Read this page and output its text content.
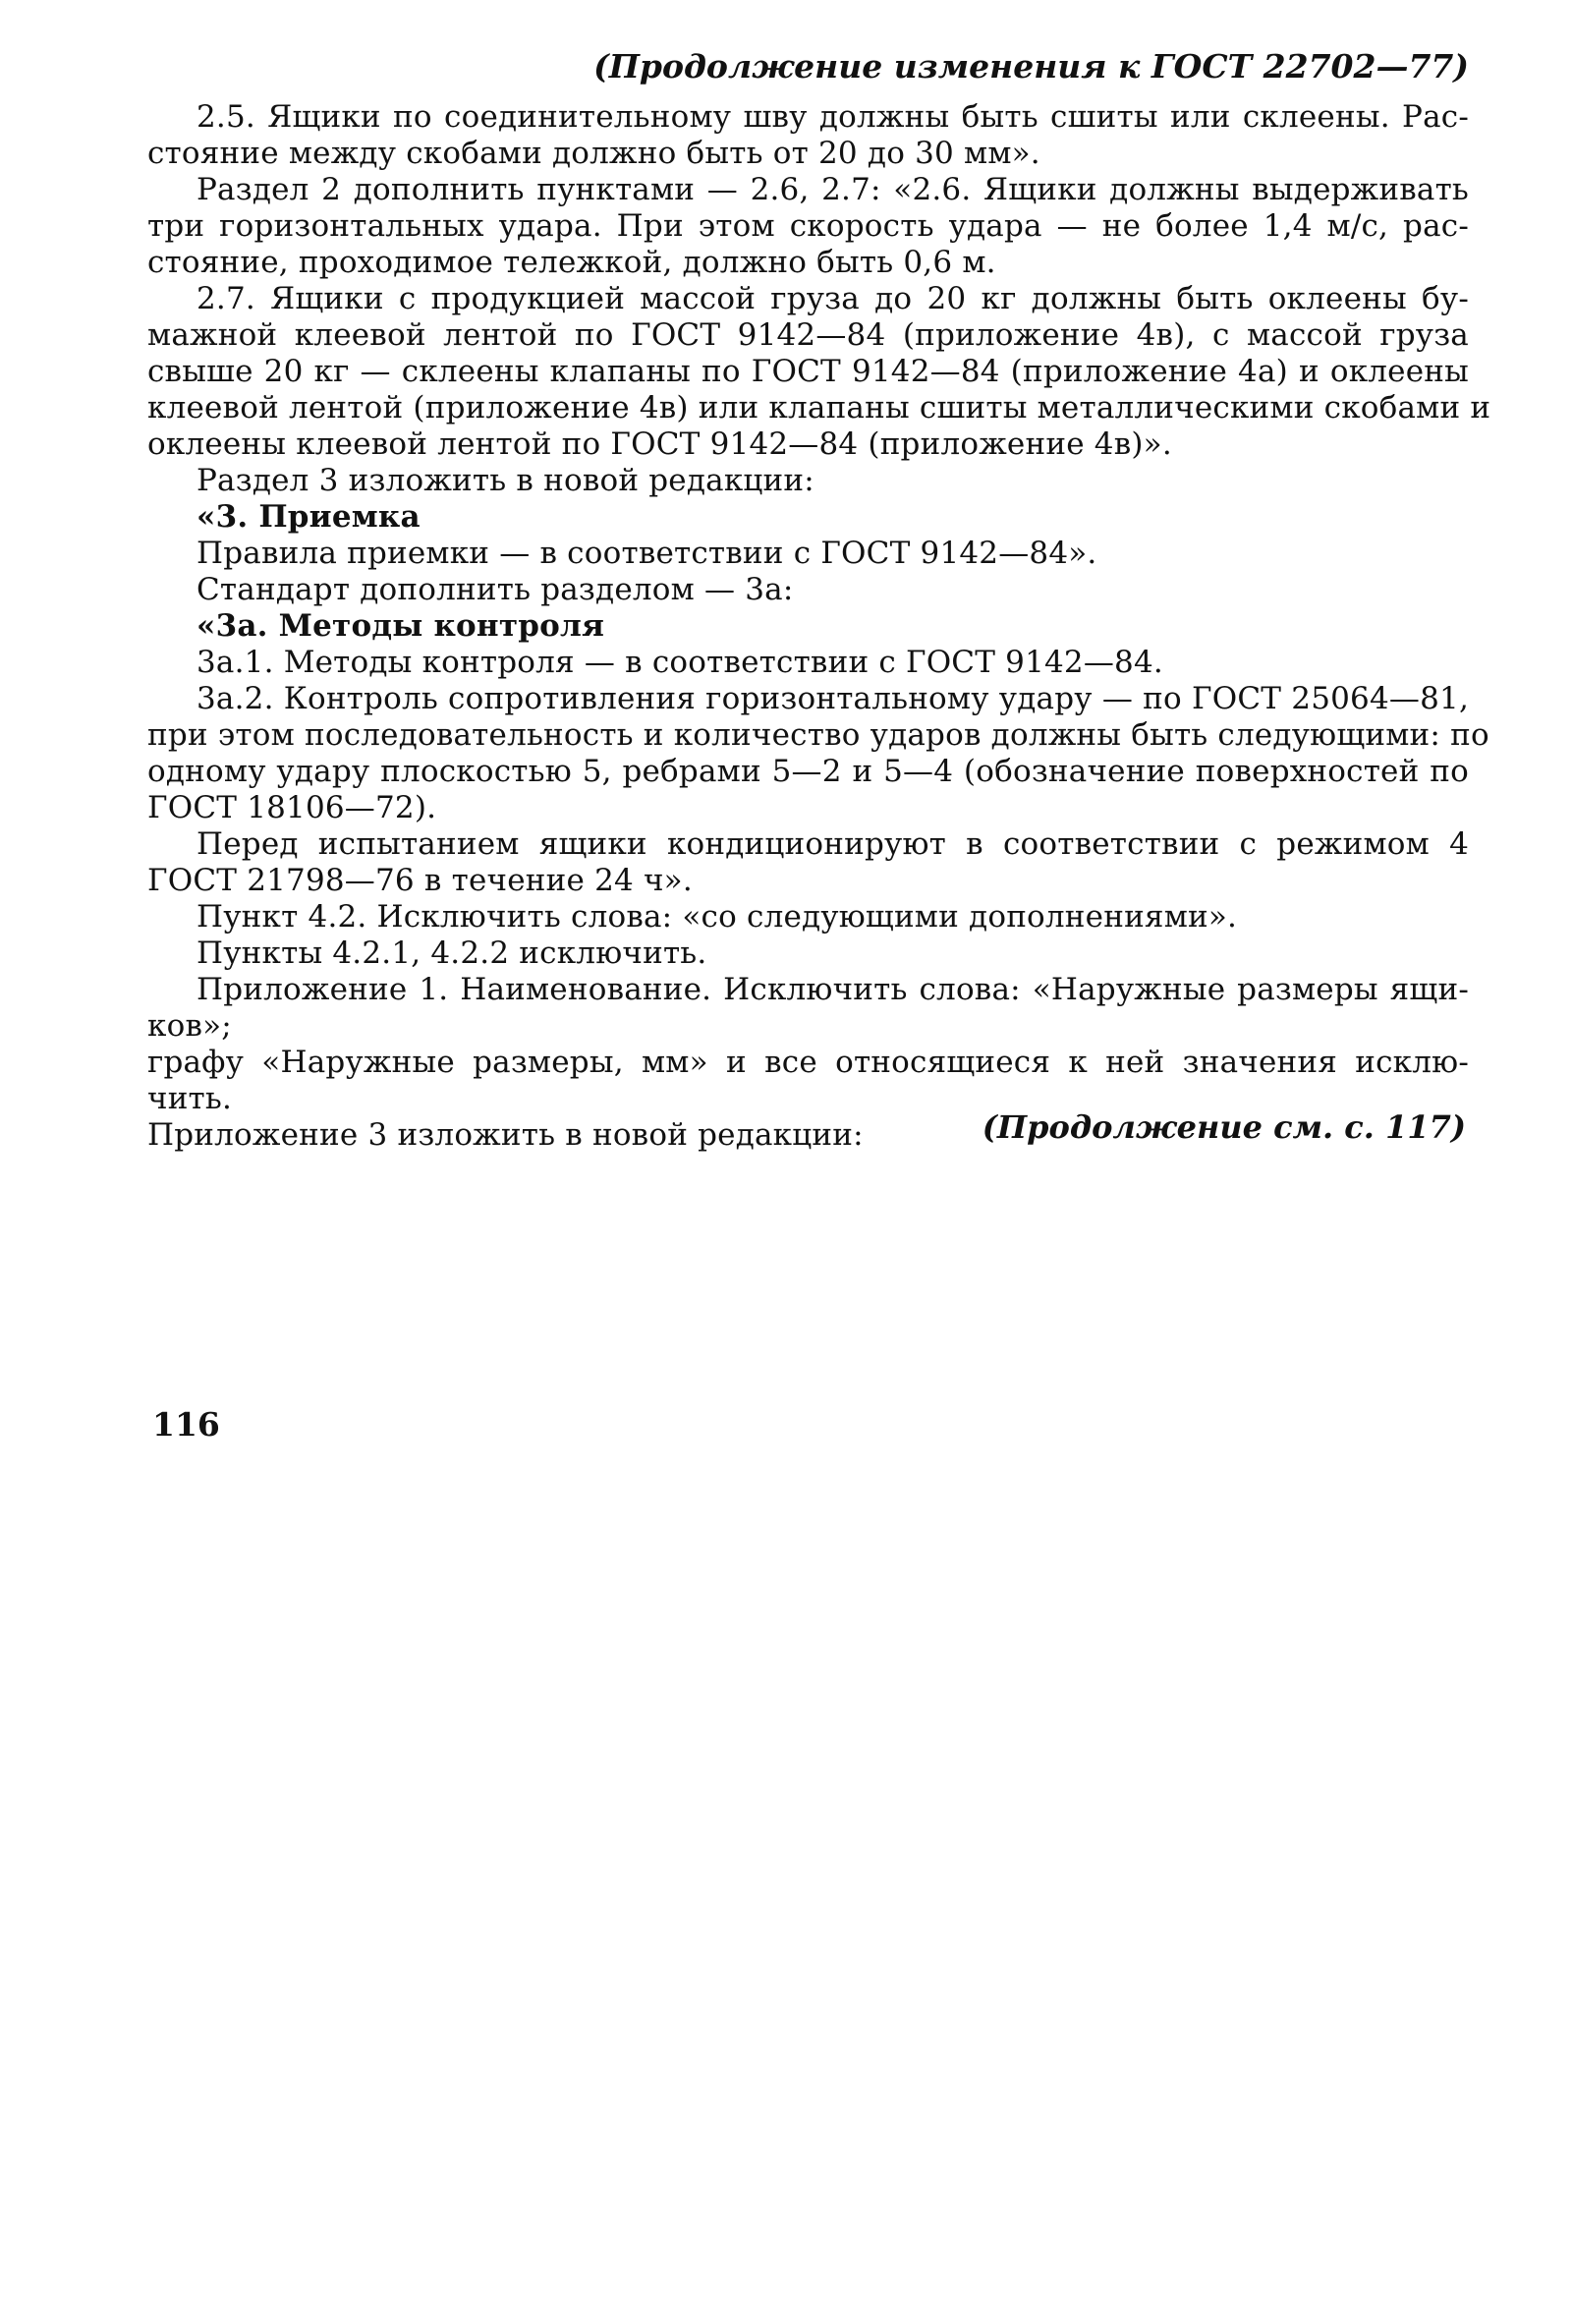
(Продолжение изменения к ГОСТ 22702—77)
2.5. Ящики по соединительному шву должны быть сшиты или склеены. Рас-
стояние между скобами должно быть от 20 до 30 мм».
Раздел 2 дополнить пунктами — 2.6, 2.7: «2.6. Ящики должны выдерживать
три горизонтальных удара. При этом скорость удара — не более 1,4 м/с, рас-
стояние, проходимое тележкой, должно быть 0,6 м.
2.7. Ящики с продукцией массой груза до 20 кг должны быть оклеены бу-
мажной клеевой лентой по ГОСТ 9142—84 (приложение 4в), с массой груза
свыше 20 кг — склеены клапаны по ГОСТ 9142—84 (приложение 4а) и оклеены
клеевой лентой (приложение 4в) или клапаны сшиты металлическими скобами и
оклеены клеевой лентой по ГОСТ 9142—84 (приложение 4в)».
Раздел 3 изложить в новой редакции:
«3. Приемка
Правила приемки — в соответствии с ГОСТ 9142—84».
Стандарт дополнить разделом — 3а:
«3а. Методы контроля
3а.1. Методы контроля — в соответствии с ГОСТ 9142—84.
3а.2. Контроль сопротивления горизонтальному удару — по ГОСТ 25064—81,
при этом последовательность и количество ударов должны быть следующими: по
одному удару плоскостью 5, ребрами 5—2 и 5—4 (обозначение поверхностей по
ГОСТ 18106—72).
Перед испытанием ящики кондиционируют в соответствии с режимом 4
ГОСТ 21798—76 в течение 24 ч».
Пункт 4.2. Исключить слова: «со следующими дополнениями».
Пункты 4.2.1, 4.2.2 исключить.
Приложение 1. Наименование. Исключить слова: «Наружные размеры ящи-
ков»;
графу «Наружные размеры, мм» и все относящиеся к ней значения исклю-
чить.
Приложение 3 изложить в новой редакции:	(Продолжение см. с. 117)
116
